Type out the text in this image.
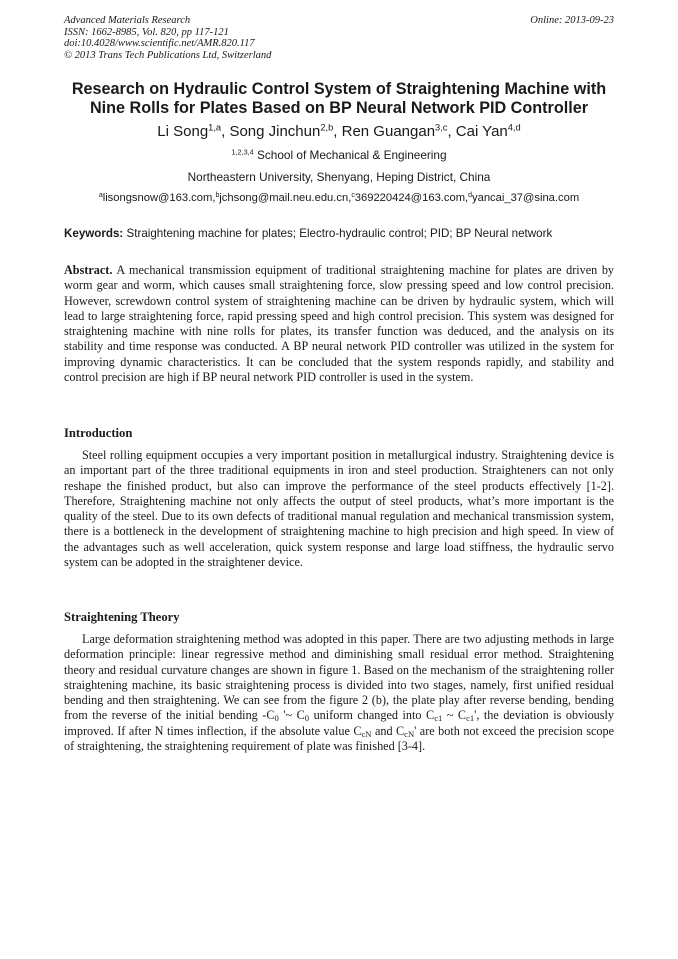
Advanced Materials Research
ISSN: 1662-8985, Vol. 820, pp 117-121
doi:10.4028/www.scientific.net/AMR.820.117
© 2013 Trans Tech Publications Ltd, Switzerland
Online: 2013-09-23
Research on Hydraulic Control System of Straightening Machine with
Nine Rolls for Plates Based on BP Neural Network PID Controller
Li Song$^{1,a}$, Song Jinchun$^{2,b}$, Ren Guangan$^{3,c}$, Cai Yan$^{4,d}$
$^{1,2,3,4}$ School of Mechanical & Engineering
Northeastern University, Shenyang, Heping District, China
$^a$lisongsnow@163.com,$^b$jchsong@mail.neu.edu.cn,$^c$369220424@163.com,$^d$yancai_37@sina.com
Keywords: Straightening machine for plates; Electro-hydraulic control; PID; BP Neural network
Abstract. A mechanical transmission equipment of traditional straightening machine for plates are driven by worm gear and worm, which causes small straightening force, slow pressing speed and low control precision. However, screwdown control system of straightening machine can be driven by hydraulic system, which will lead to large straightening force, rapid pressing speed and high control precision. This system was designed for straightening machine with nine rolls for plates, its transfer function was deduced, and the analysis on its stability and time response was conducted. A BP neural network PID controller was utilized in the system for improving dynamic characteristics. It can be concluded that the system responds rapidly, and stability and control precision are high if BP neural network PID controller is used in the system.
Introduction
Steel rolling equipment occupies a very important position in metallurgical industry. Straightening device is an important part of the three traditional equipments in iron and steel production. Straighteners can not only reshape the finished product, but also can improve the performance of the steel products effectively [1-2]. Therefore, Straightening machine not only affects the output of steel products, what’s more important is the quality of the steel. Due to its own defects of traditional manual regulation and mechanical transmission system, there is a bottleneck in the development of straightening machine to high precision and high speed. In view of the advantages such as well acceleration, quick system response and large load stiffness, the hydraulic servo system can be adopted in the straightener device.
Straightening Theory
Large deformation straightening method was adopted in this paper. There are two adjusting methods in large deformation principle: linear regressive method and diminishing small residual error method. Straightening theory and residual curvature changes are shown in figure 1. Based on the mechanism of the straightening roller straightening machine, its basic straightening process is divided into two stages, namely, first unified residual bending and then straightening. We can see from the figure 2 (b), the plate play after reverse bending, bending from the reverse of the initial bending $-C_0$ '~ $C_0$ uniform changed into $C_{c1}$ ~ $C_{c1}'$, the deviation is obviously improved. If after N times inflection, if the absolute value $C_{cN}$ and $C_{cN}'$ are both not exceed the precision scope of straightening, the straightening requirement of plate was finished [3-4].
